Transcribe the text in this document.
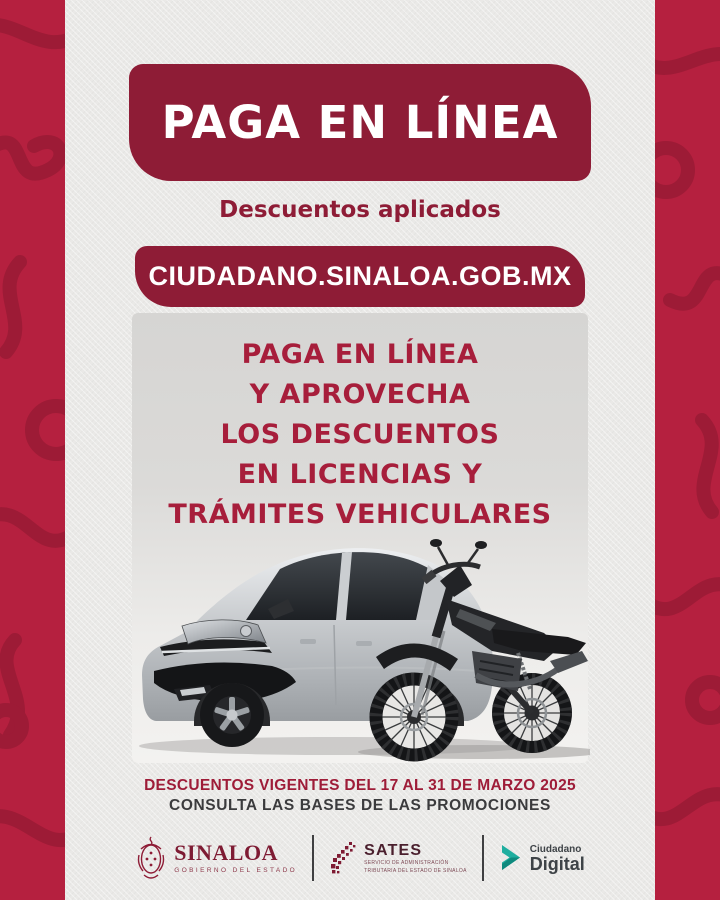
PAGA EN LÍNEA
Descuentos aplicados
CIUDADANO.SINALOA.GOB.MX
PAGA EN LÍNEA
Y APROVECHA
LOS DESCUENTOS
EN LICENCIAS Y
TRÁMITES VEHICULARES
DESCUENTOS VIGENTES DEL 17 AL 31 DE MARZO 2025
CONSULTA LAS BASES DE LAS PROMOCIONES
SINALOA
GOBIERNO DEL ESTADO
SATES
SERVICIO DE ADMINISTRACIÓN
TRIBUTARIA DEL ESTADO DE SINALOA
Ciudadano
Digital
